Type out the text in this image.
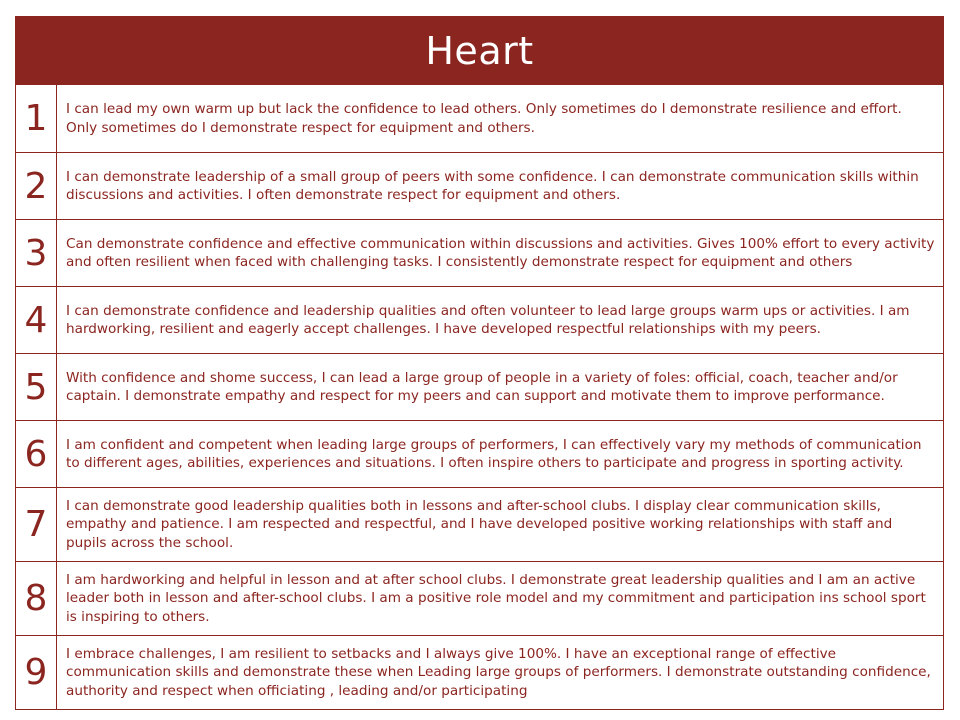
Heart
1	I can lead my own warm up but lack the confidence to lead others. Only sometimes do I demonstrate resilience and effort. Only sometimes do I demonstrate respect for equipment and others.
2	I can demonstrate leadership of a small group of peers with some confidence. I can demonstrate communication skills within discussions and activities. I often demonstrate respect for equipment and others.
3	Can demonstrate confidence and effective communication within discussions and activities. Gives 100% effort to every activity and often resilient when faced with challenging tasks. I consistently demonstrate respect for equipment and others
4	I can demonstrate confidence and leadership qualities and often volunteer to lead large groups warm ups or activities. I am hardworking, resilient and eagerly accept challenges. I have developed respectful relationships with my peers.
5	With confidence and shome success, I can lead a large group of people in a variety of foles: official, coach, teacher and/or captain. I demonstrate empathy and respect for my peers and can support and motivate them to improve performance.
6	I am confident and competent when leading large groups of performers, I can effectively vary my methods of communication to different ages, abilities, experiences and situations. I often inspire others to participate and progress in sporting activity.
7	I can demonstrate good leadership qualities both in lessons and after-school clubs. I display clear communication skills, empathy and patience. I am respected and respectful, and I have developed positive working relationships with staff and pupils across the school.
8	I am hardworking and helpful in lesson and at after school clubs. I demonstrate great leadership qualities and I am an active leader both in lesson and after-school clubs. I am a positive role model and my commitment and participation ins school sport is inspiring to others.
9	I embrace challenges, I am resilient to setbacks and I always give 100%. I have an exceptional range of effective communication skills and demonstrate these when Leading large groups of performers. I demonstrate outstanding confidence, authority and respect when officiating , leading and/or participating
